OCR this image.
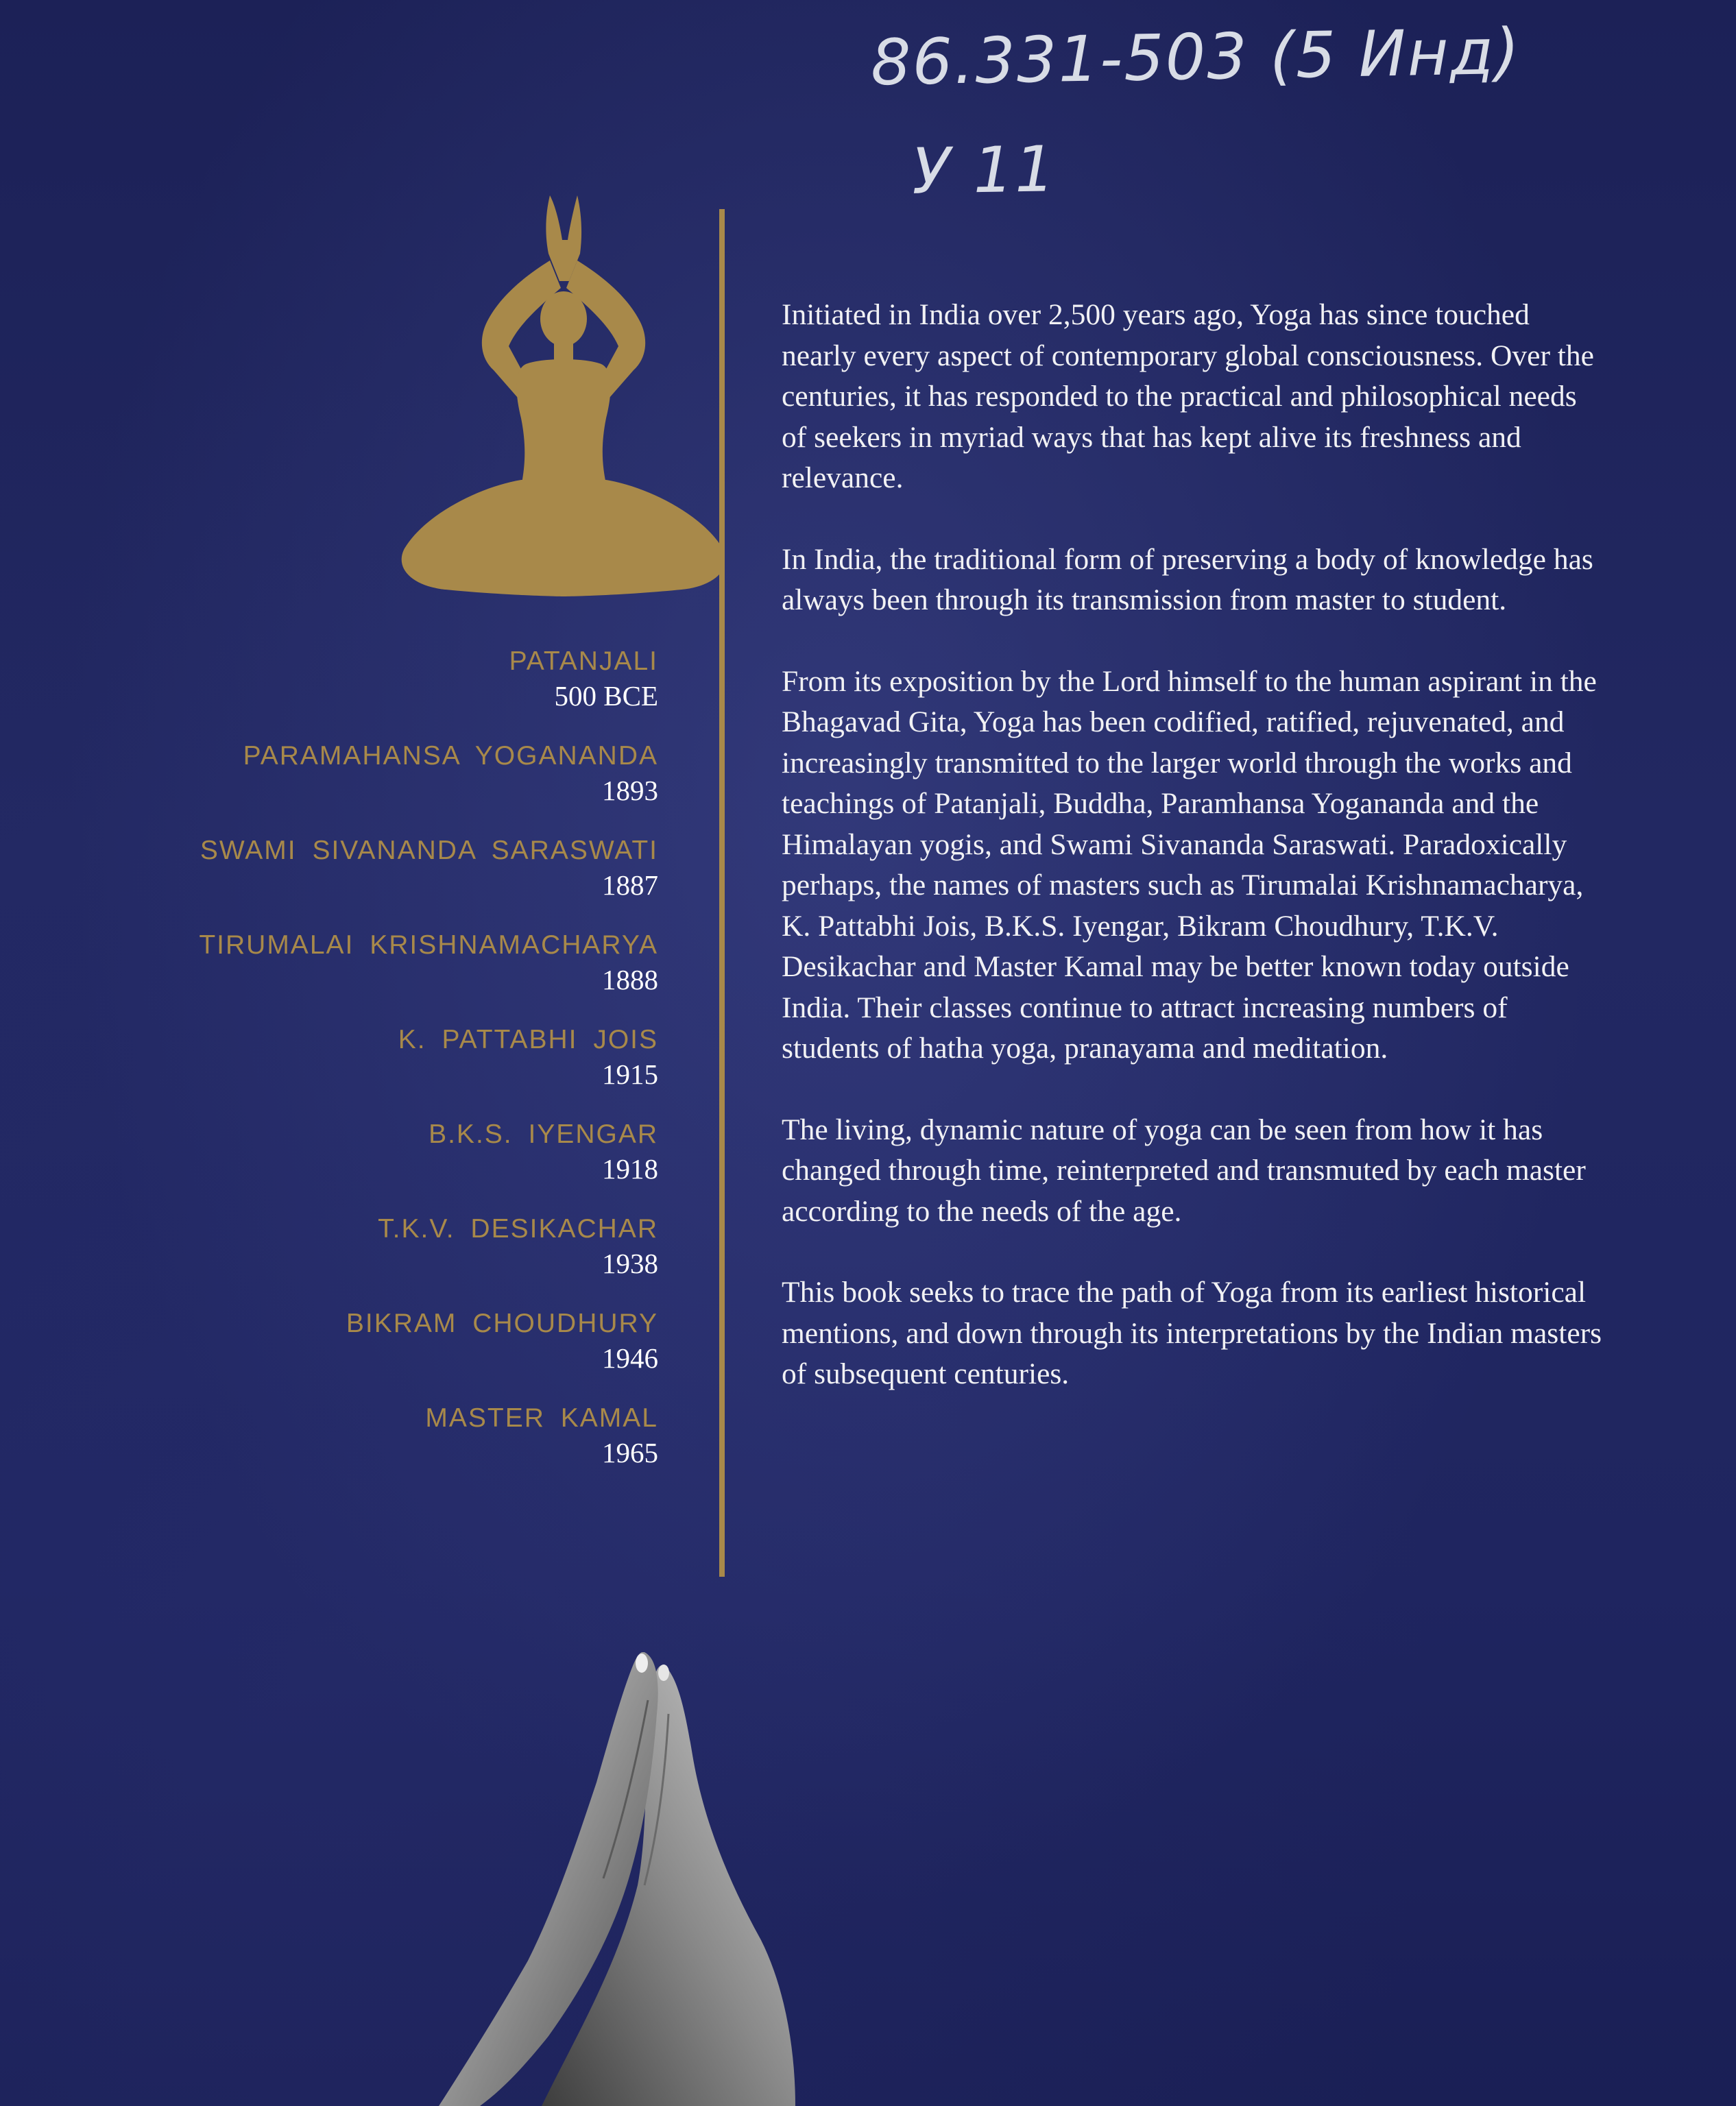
86.331-503 (5 Инд)
У 11
PATANJALI
500 BCE
PARAMAHANSA YOGANANDA
1893
SWAMI SIVANANDA SARASWATI
1887
TIRUMALAI KRISHNAMACHARYA
1888
K. PATTABHI JOIS
1915
B.K.S. IYENGAR
1918
T.K.V. DESIKACHAR
1938
BIKRAM CHOUDHURY
1946
MASTER KAMAL
1965

Initiated in India over 2,500 years ago, Yoga has since touched nearly every aspect of contemporary global consciousness. Over the centuries, it has responded to the practical and philosophical needs of seekers in myriad ways that has kept alive its freshness and relevance.

In India, the traditional form of preserving a body of knowledge has always been through its transmission from master to student.

From its exposition by the Lord himself to the human aspirant in the Bhagavad Gita, Yoga has been codified, ratified, rejuvenated, and increasingly transmitted to the larger world through the works and teachings of Patanjali, Buddha, Paramhansa Yogananda and the Himalayan yogis, and Swami Sivananda Saraswati. Paradoxically perhaps, the names of masters such as Tirumalai Krishnamacharya, K. Pattabhi Jois, B.K.S. Iyengar, Bikram Choudhury, T.K.V. Desikachar and Master Kamal may be better known today outside India. Their classes continue to attract increasing numbers of students of hatha yoga, pranayama and meditation.

The living, dynamic nature of yoga can be seen from how it has changed through time, reinterpreted and transmuted by each master according to the needs of the age.

This book seeks to trace the path of Yoga from its earliest historical mentions, and down through its interpretations by the Indian masters of subsequent centuries.
